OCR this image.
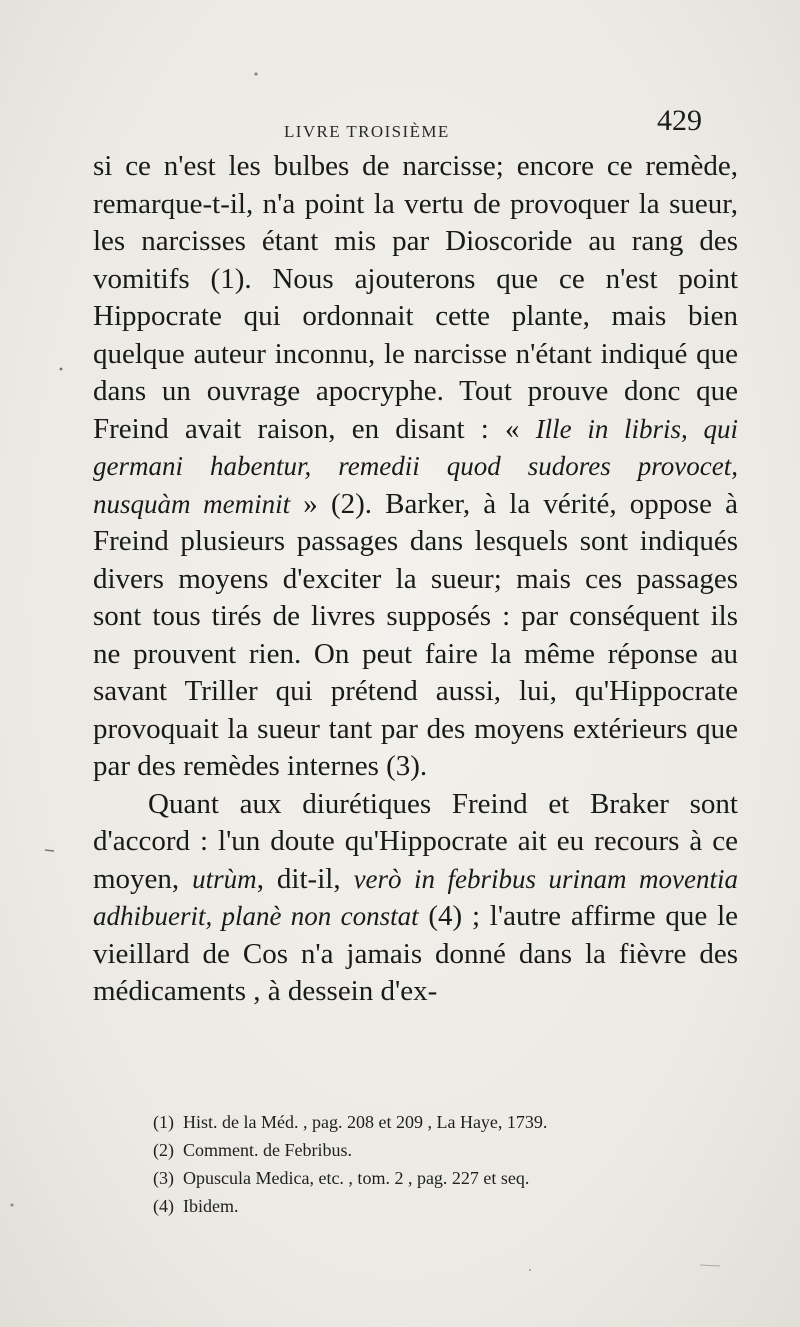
LIVRE TROISIÈME	429

si ce n'est les bulbes de narcisse; encore ce remède, remarque-t-il, n'a point la vertu de provoquer la sueur, les narcisses étant mis par Dioscoride au rang des vomitifs (1). Nous ajouterons que ce n'est point Hippocrate qui ordonnait cette plante, mais bien quelque auteur inconnu, le narcisse n'étant indiqué que dans un ouvrage apocryphe. Tout prouve donc que Freind avait raison, en disant : « Ille in libris, qui germani habentur, remedii quod sudores provocet, nusquàm meminit » (2). Barker, à la vérité, oppose à Freind plusieurs passages dans lesquels sont indiqués divers moyens d'exciter la sueur; mais ces passages sont tous tirés de livres supposés : par conséquent ils ne prouvent rien. On peut faire la même réponse au savant Triller qui prétend aussi, lui, qu'Hippocrate provoquait la sueur tant par des moyens extérieurs que par des remèdes internes (3).

Quant aux diurétiques Freind et Braker sont d'accord : l'un doute qu'Hippocrate ait eu recours à ce moyen, utrùm, dit-il, verò in febribus urinam moventia adhibuerit, planè non constat (4) ; l'autre affirme que le vieillard de Cos n'a jamais donné dans la fièvre des médicaments , à dessein d'ex-

(1) Hist. de la Méd. , pag. 208 et 209 , La Haye, 1739.
(2) Comment. de Febribus.
(3) Opuscula Medica, etc. , tom. 2 , pag. 227 et seq.
(4) Ibidem.
